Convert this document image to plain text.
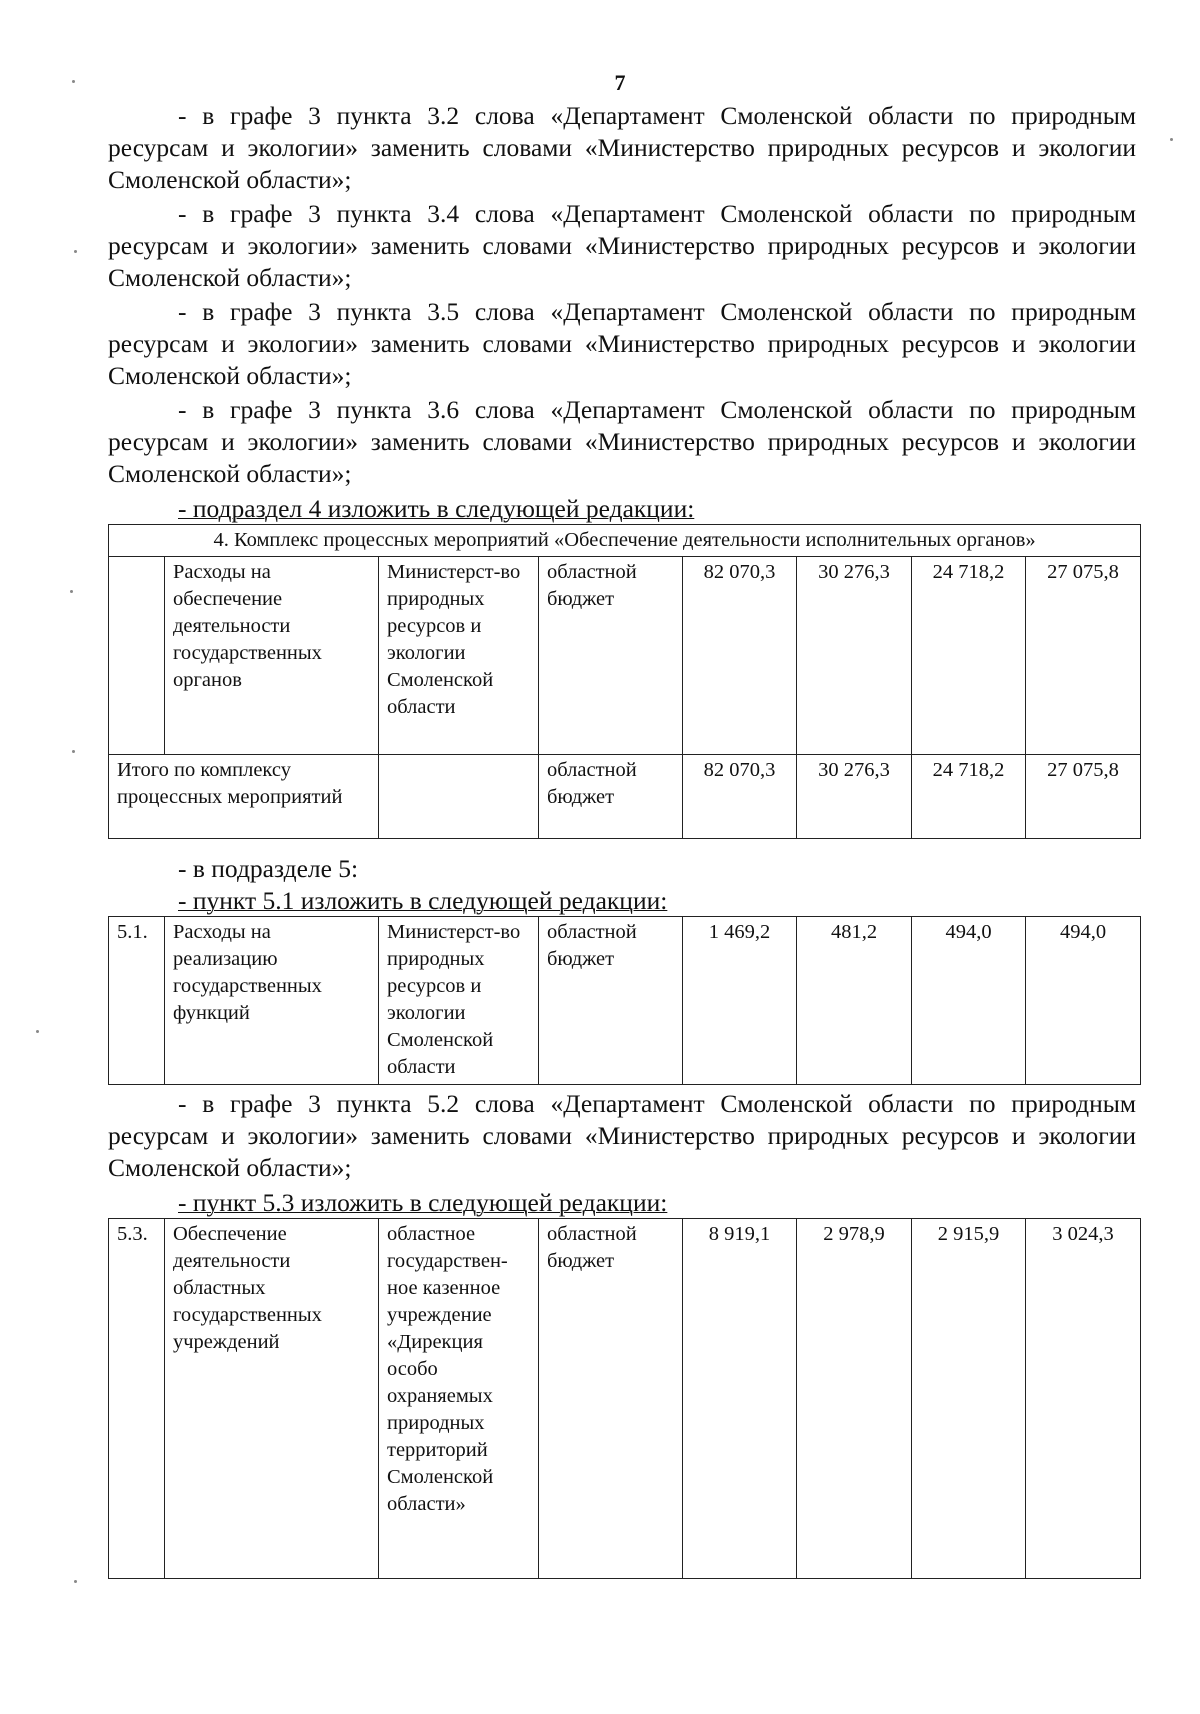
7

- в графе 3 пункта 3.2 слова «Департамент Смоленской области по природным ресурсам и экологии» заменить словами «Министерство природных ресурсов и экологии Смоленской области»;

- в графе 3 пункта 3.4 слова «Департамент Смоленской области по природным ресурсам и экологии» заменить словами «Министерство природных ресурсов и экологии Смоленской области»;

- в графе 3 пункта 3.5 слова «Департамент Смоленской области по природным ресурсам и экологии» заменить словами «Министерство природных ресурсов и экологии Смоленской области»;

- в графе 3 пункта 3.6 слова «Департамент Смоленской области по природным ресурсам и экологии» заменить словами «Министерство природных ресурсов и экологии Смоленской области»;

- подраздел 4 изложить в следующей редакции:

4. Комплекс процессных мероприятий «Обеспечение деятельности исполнительных органов»							
	Расходы на обеспечение деятельности государственных органов	Министерст-во природных ресурсов и экологии Смоленской области	областной бюджет	82 070,3	30 276,3	24 718,2	27 075,8
Итого по комплексу процессных мероприятий			областной бюджет	82 070,3	30 276,3	24 718,2	27 075,8

- в подразделе 5:

- пункт 5.1 изложить в следующей редакции:

5.1.	Расходы на реализацию государственных функций	Министерст-во природных ресурсов и экологии Смоленской области	областной бюджет	1 469,2	481,2	494,0	494,0

- в графе 3 пункта 5.2 слова «Департамент Смоленской области по природным ресурсам и экологии» заменить словами «Министерство природных ресурсов и экологии Смоленской области»;

- пункт 5.3 изложить в следующей редакции:

5.3.	Обеспечение деятельности областных государственных учреждений	областное государствен-ное казенное учреждение «Дирекция особо охраняемых природных территорий Смоленской области»	областной бюджет	8 919,1	2 978,9	2 915,9	3 024,3
